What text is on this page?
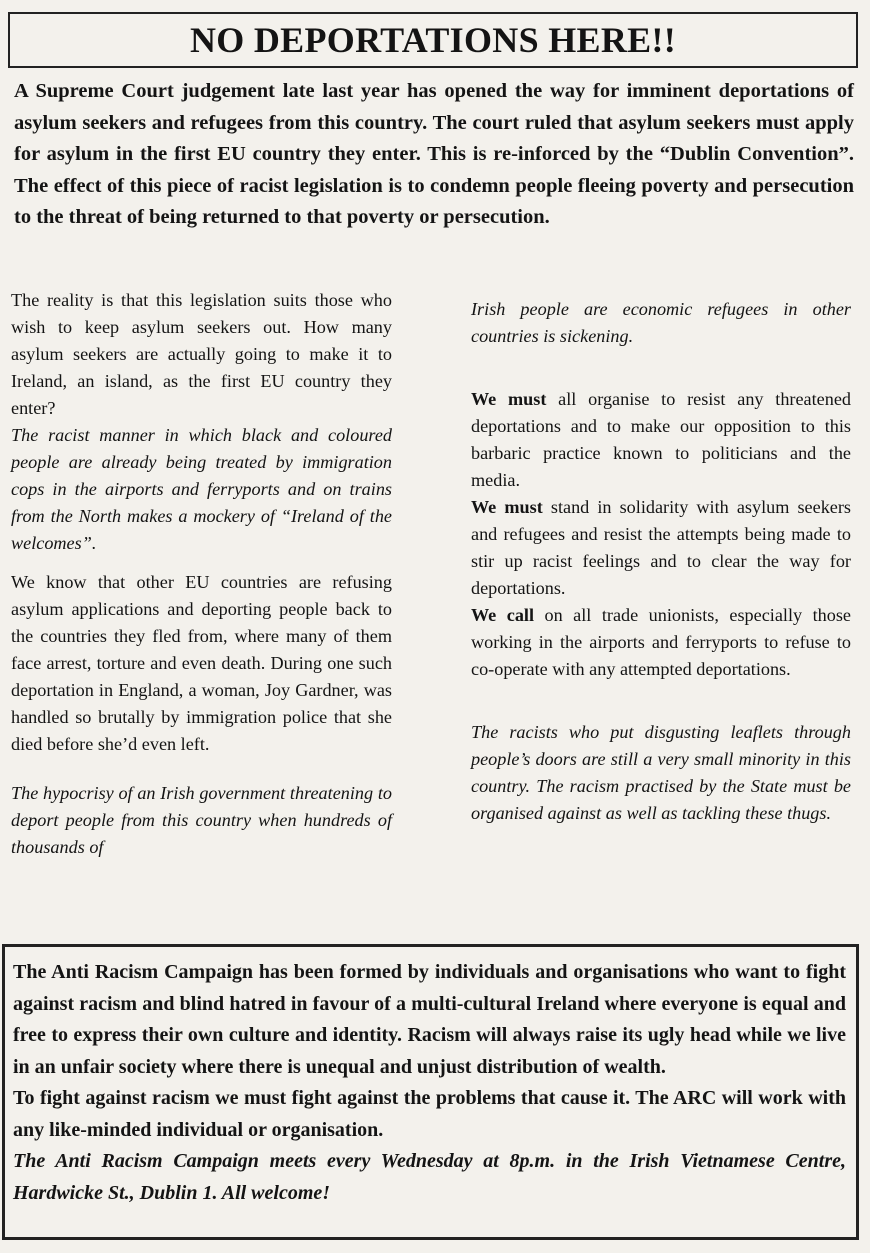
NO DEPORTATIONS HERE!!

A Supreme Court judgement late last year has opened the way for imminent deportations of asylum seekers and refugees from this country. The court ruled that asylum seekers must apply for asylum in the first EU country they enter. This is re-inforced by the “Dublin Convention”. The effect of this piece of racist legislation is to condemn people fleeing poverty and persecution to the threat of being returned to that poverty or persecution.

The reality is that this legislation suits those who wish to keep asylum seekers out. How many asylum seekers are actually going to make it to Ireland, an island, as the first EU country they enter?

The racist manner in which black and coloured people are already being treated by immigration cops in the airports and ferryports and on trains from the North makes a mockery of “Ireland of the welcomes”.

We know that other EU countries are refusing asylum applications and deporting people back to the countries they fled from, where many of them face arrest, torture and even death. During one such deportation in England, a woman, Joy Gardner, was handled so brutally by immigration police that she died before she’d even left.

The hypocrisy of an Irish government threatening to deport people from this country when hundreds of thousands of

Irish people are economic refugees in other countries is sickening.

We must all organise to resist any threatened deportations and to make our opposition to this barbaric practice known to politicians and the media.

We must stand in solidarity with asylum seekers and refugees and resist the attempts being made to stir up racist feelings and to clear the way for deportations.

We call on all trade unionists, especially those working in the airports and ferryports to refuse to co-operate with any attempted deportations.

The racists who put disgusting leaflets through people’s doors are still a very small minority in this country. The racism practised by the State must be organised against as well as tackling these thugs.

The Anti Racism Campaign has been formed by individuals and organisations who want to fight against racism and blind hatred in favour of a multi-cultural Ireland where everyone is equal and free to express their own culture and identity. Racism will always raise its ugly head while we live in an unfair society where there is unequal and unjust distribution of wealth.

To fight against racism we must fight against the problems that cause it. The ARC will work with any like-minded individual or organisation.

The Anti Racism Campaign meets every Wednesday at 8p.m. in the Irish Vietnamese Centre, Hardwicke St., Dublin 1. All welcome!
